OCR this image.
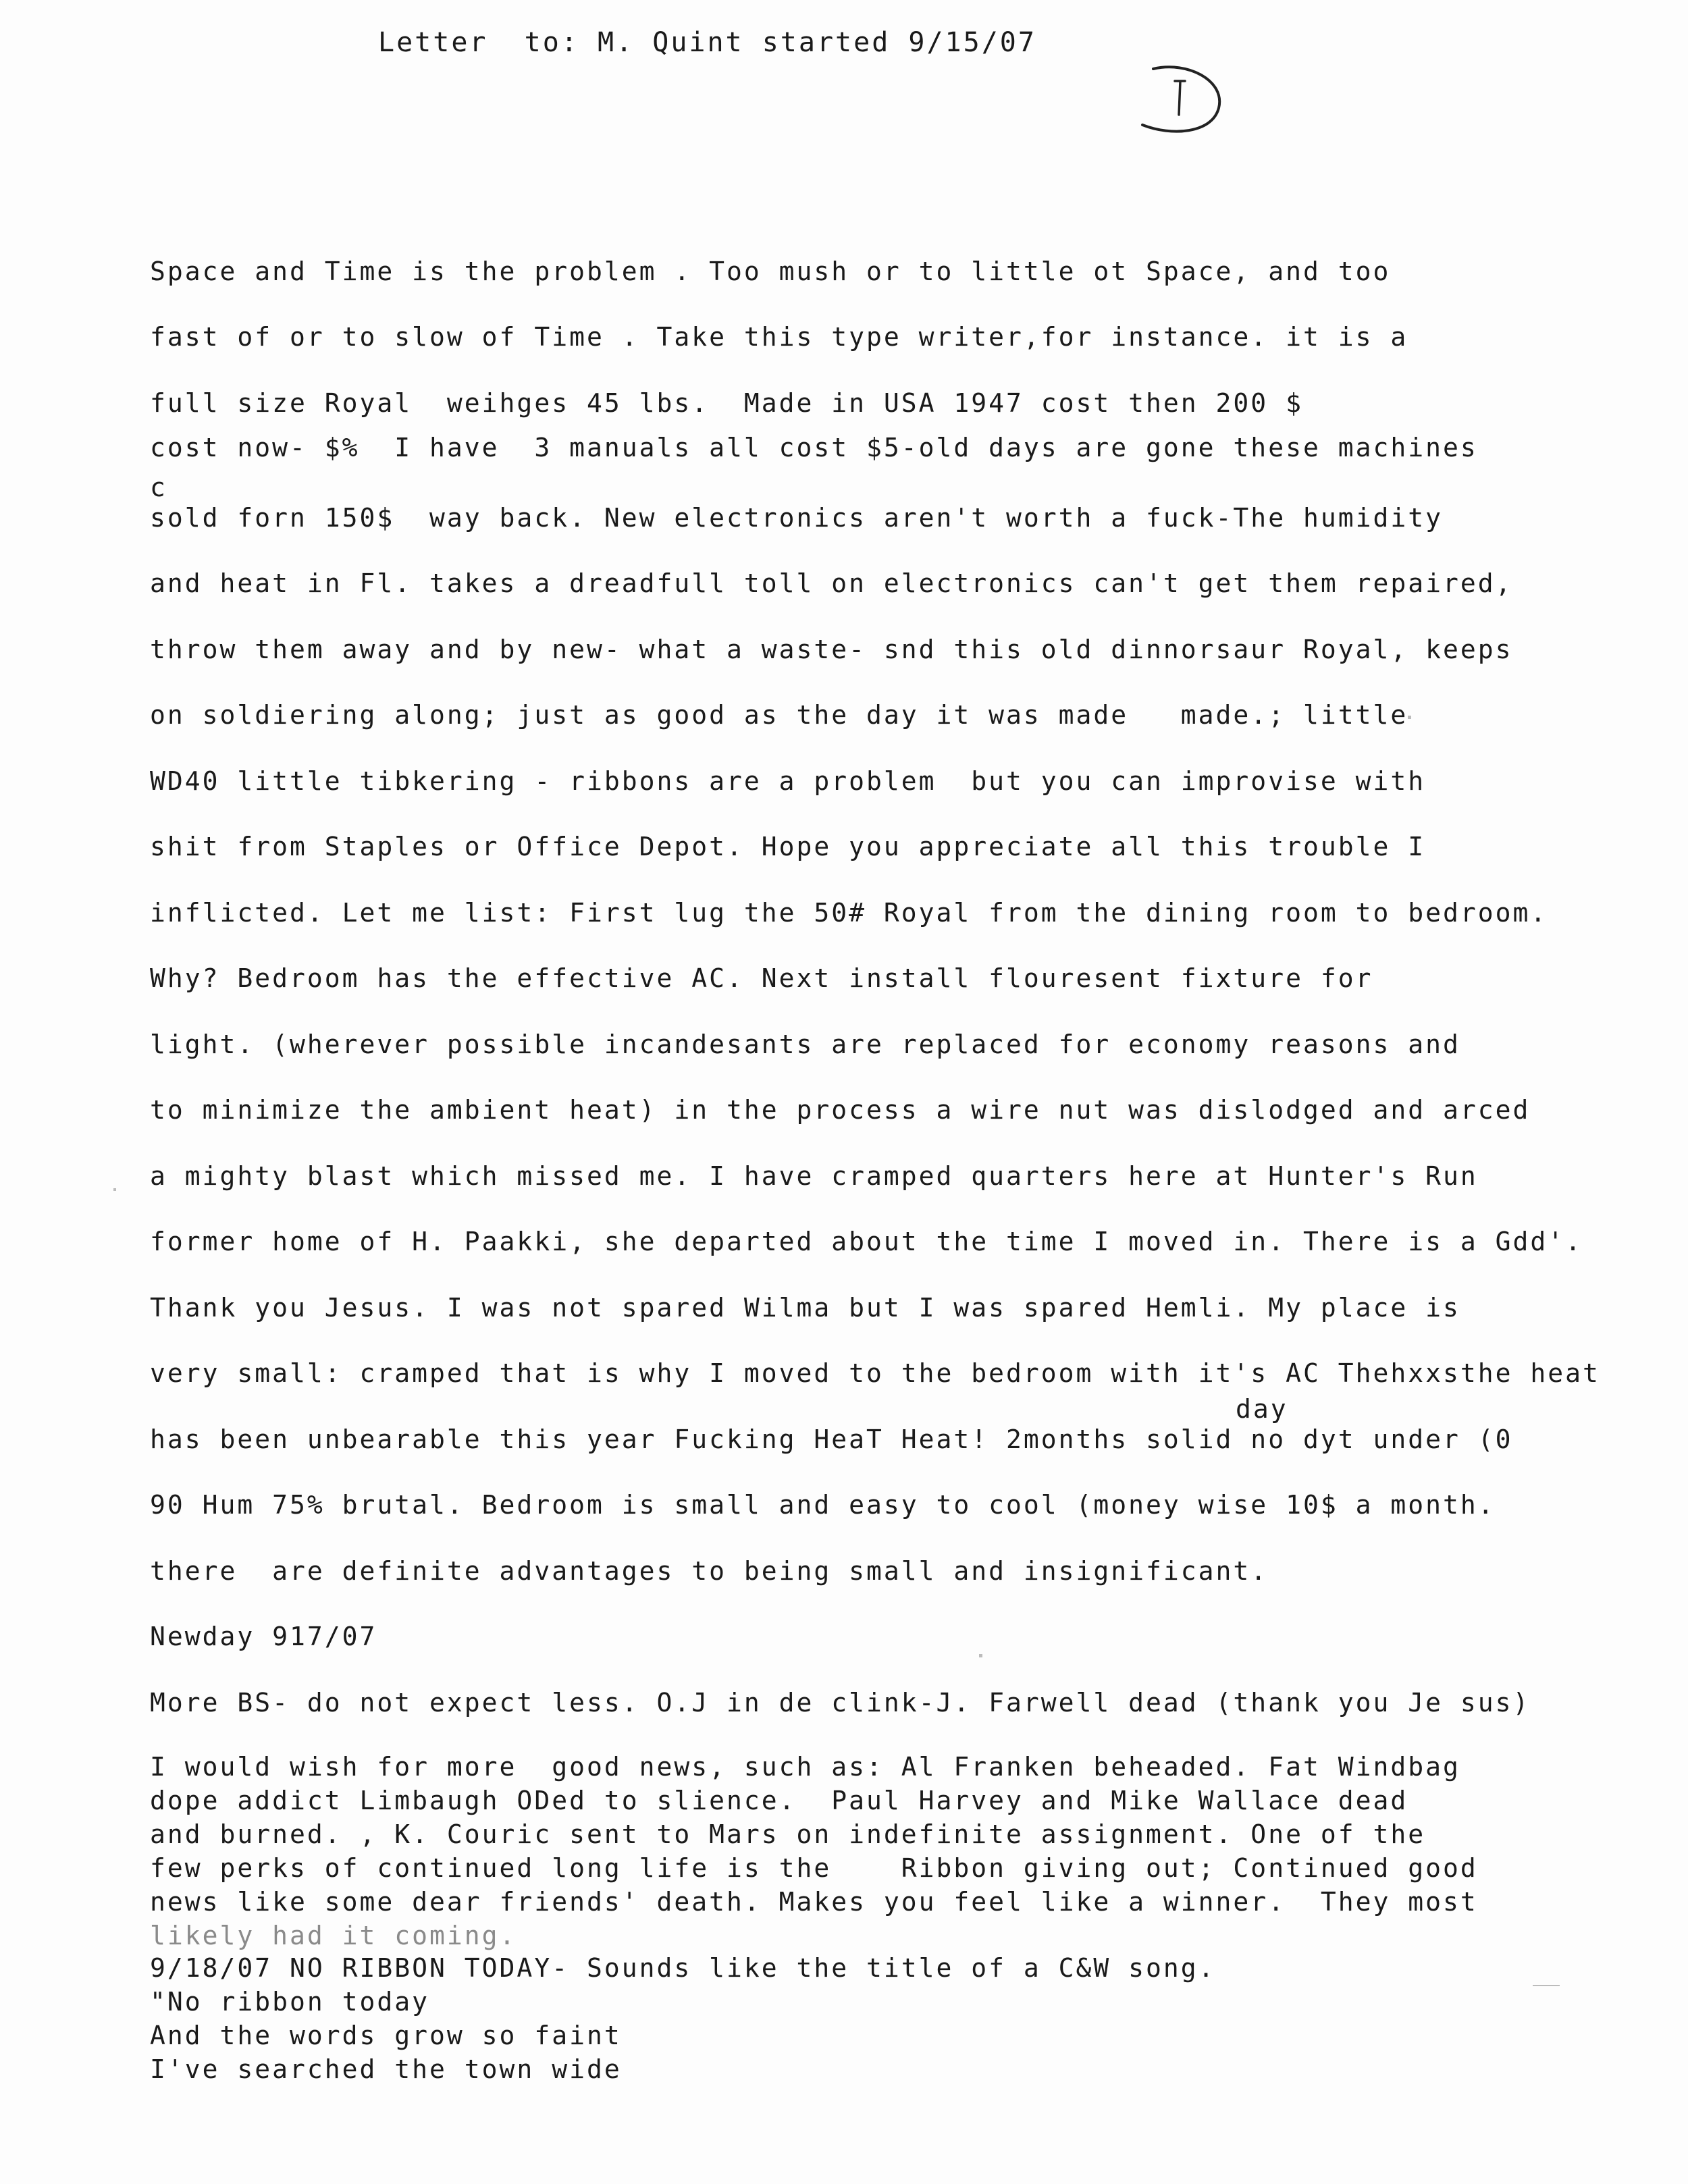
Letter  to: M. Quint started 9/15/07
D
Space and Time is the problem . Too mush or to little ot Space, and too
fast of or to slow of Time . Take this type writer,for instance. it is a
full size Royal  weihges 45 lbs.  Made in USA 1947 cost then 200 $
cost now- $%  I have  3 manuals all cost $5-old days are gone these machines
c
sold forn 150$  way back. New electronics aren't worth a fuck-The humidity
and heat in Fl. takes a dreadfull toll on electronics can't get them repaired,
throw them away and by new- what a waste- snd this old dinnorsaur Royal, keeps
on soldiering along; just as good as the day it was made   made.; little
WD40 little tibkering - ribbons are a problem  but you can improvise with
shit from Staples or Office Depot. Hope you appreciate all this trouble I
inflicted. Let me list: First lug the 50# Royal from the dining room to bedroom.
Why? Bedroom has the effective AC. Next install flouresent fixture for
light. (wherever possible incandesants are replaced for economy reasons and
to minimize the ambient heat) in the process a wire nut was dislodged and arced
a mighty blast which missed me. I have cramped quarters here at Hunter's Run
former home of H. Paakki, she departed about the time I moved in. There is a Gdd'.
Thank you Jesus. I was not spared Wilma but I was spared Hemli. My place is
very small: cramped that is why I moved to the bedroom with it's AC Thehxxsthe heat
day
has been unbearable this year Fucking HeaT Heat! 2months solid no dyt under (0
90 Hum 75% brutal. Bedroom is small and easy to cool (money wise 10$ a month.
there  are definite advantages to being small and insignificant.
Newday 917/07
More BS- do not expect less. O.J in de clink-J. Farwell dead (thank you Je sus)
I would wish for more  good news, such as: Al Franken beheaded. Fat Windbag
dope addict Limbaugh ODed to slience.  Paul Harvey and Mike Wallace dead
and burned. , K. Couric sent to Mars on indefinite assignment. One of the
few perks of continued long life is the    Ribbon giving out; Continued good
news like some dear friends' death. Makes you feel like a winner.  They most
likely had it coming.
9/18/07 NO RIBBON TODAY- Sounds like the title of a C&W song.
"No ribbon today
And the words grow so faint
I've searched the town wide
